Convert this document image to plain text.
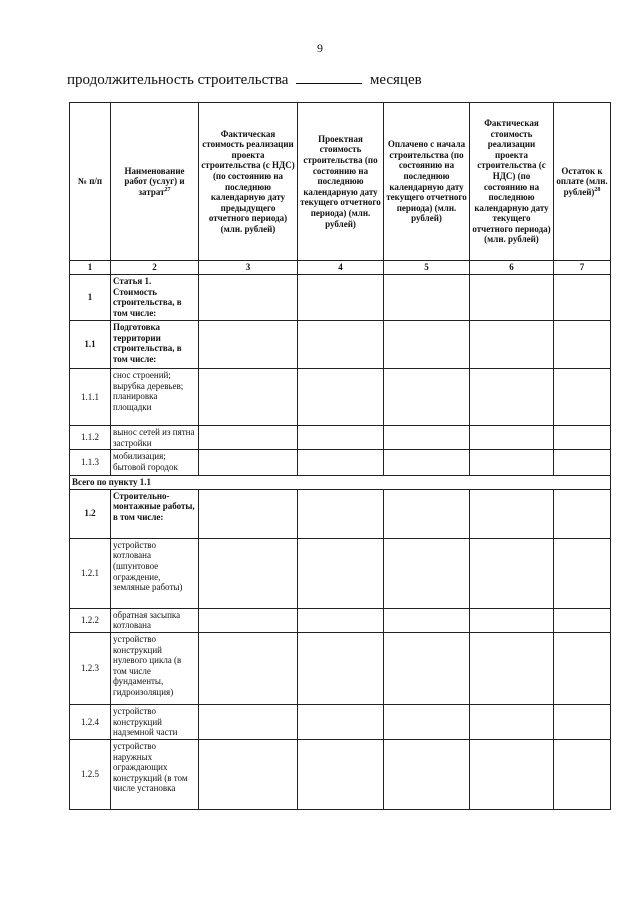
9
продолжительность строительства	месяцев
№ п/п	Наименование работ (услуг) и затрат$^{27}$	Фактическая стоимость реализации проекта строительства (с НДС) (по состоянию на последнюю календарную дату предыдущего отчетного периода) (млн. рублей)	Проектная стоимость строительства (по состоянию на последнюю календарную дату текущего отчетного периода) (млн. рублей)	Оплачено с начала строительства (по состоянию на последнюю календарную дату текущего отчетного периода) (млн. рублей)	Фактическая стоимость реализации проекта строительства (с НДС) (по состоянию на последнюю календарную дату текущего отчетного периода) (млн. рублей)	Остаток к оплате (млн. рублей)$^{28}$
1	2	3	4	5	6	7
1	Статья 1. Стоимость строительства, в том числе:					
1.1	Подготовка территории строительства, в том числе:					
1.1.1	снос строений; вырубка деревьев; планировка площадки					
1.1.2	вынос сетей из пятна застройки					
1.1.3	мобилизация; бытовой городок					
Всего по пункту 1.1						
1.2	Строительно-монтажные работы, в том числе:					
1.2.1	устройство котлована (шпунтовое ограждение, земляные работы)					
1.2.2	обратная засыпка котлована					
1.2.3	устройство конструкций нулевого цикла (в том числе фундаменты, гидроизоляция)					
1.2.4	устройство конструкций надземной части					
1.2.5	устройство наружных ограждающих конструкций (в том числе установка					
